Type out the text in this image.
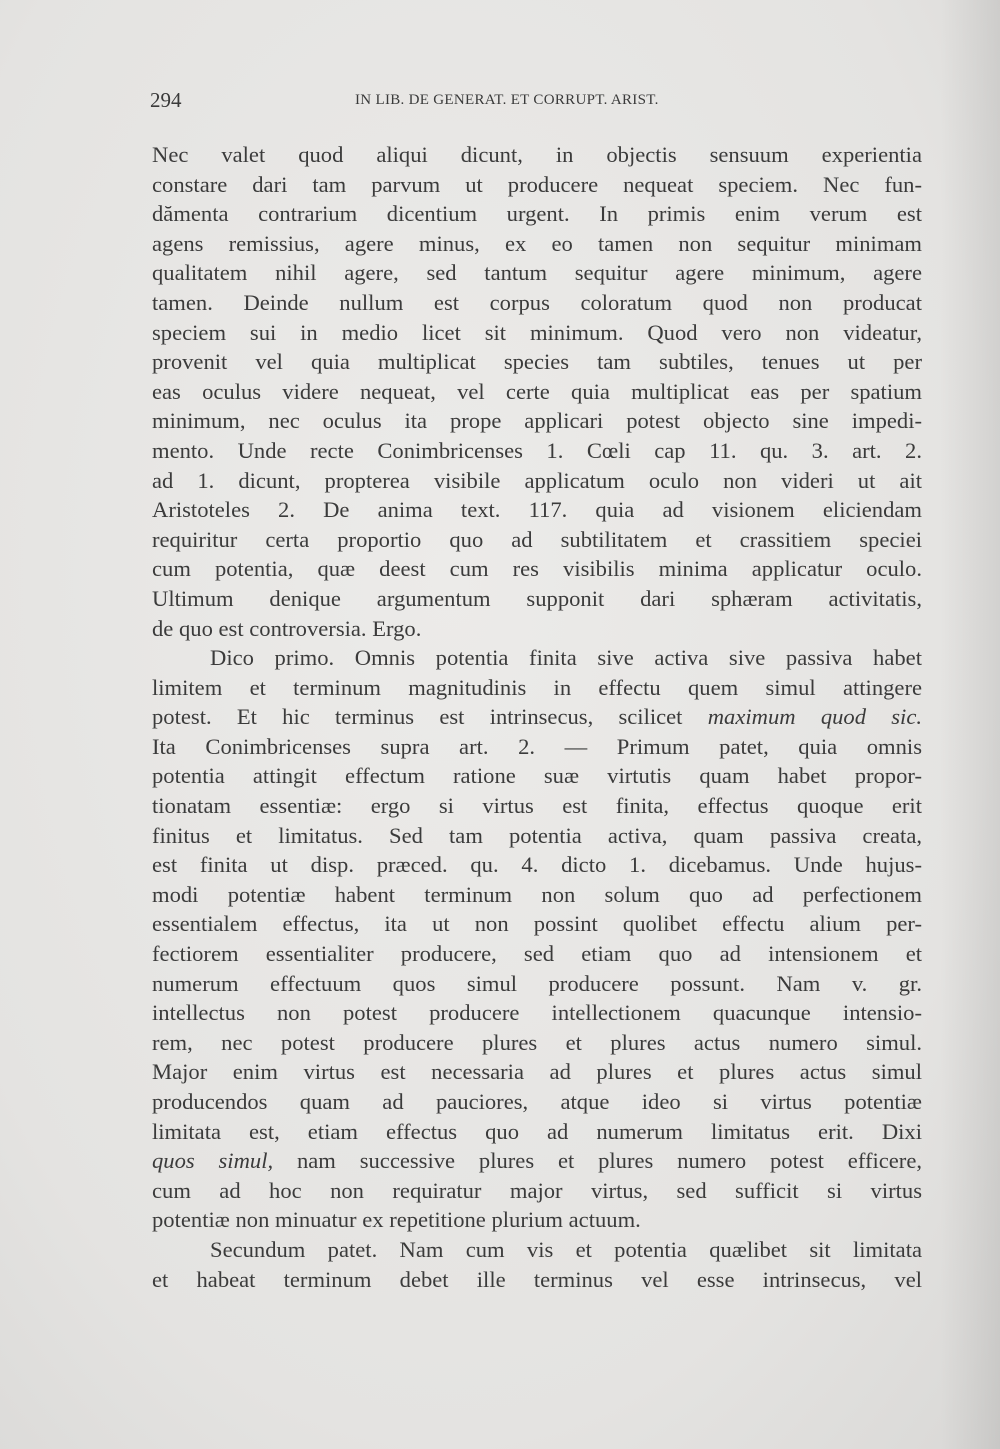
294	IN LIB. DE GENERAT. ET CORRUPT. ARIST.
Nec valet quod aliqui dicunt, in objectis sensuum experientia
constare dari tam parvum ut producere nequeat speciem. Nec fun-
dămenta contrarium dicentium urgent. In primis enim verum est
agens remissius, agere minus, ex eo tamen non sequitur minimam
qualitatem nihil agere, sed tantum sequitur agere minimum, agere
tamen. Deinde nullum est corpus coloratum quod non producat
speciem sui in medio licet sit minimum. Quod vero non videatur,
provenit vel quia multiplicat species tam subtiles, tenues ut per
eas oculus videre nequeat, vel certe quia multiplicat eas per spatium
minimum, nec oculus ita prope applicari potest objecto sine impedi-
mento. Unde recte Conimbricenses 1. Cœli cap 11. qu. 3. art. 2.
ad 1. dicunt, propterea visibile applicatum oculo non videri ut ait
Aristoteles 2. De anima text. 117. quia ad visionem eliciendam
requiritur certa proportio quo ad subtilitatem et crassitiem speciei
cum potentia, quæ deest cum res visibilis minima applicatur oculo.
Ultimum denique argumentum supponit dari sphæram activitatis,
de quo est controversia. Ergo.
Dico primo. Omnis potentia finita sive activa sive passiva habet
limitem et terminum magnitudinis in effectu quem simul attingere
potest. Et hic terminus est intrinsecus, scilicet maximum quod sic.
Ita Conimbricenses supra art. 2. — Primum patet, quia omnis
potentia attingit effectum ratione suæ virtutis quam habet propor-
tionatam essentiæ: ergo si virtus est finita, effectus quoque erit
finitus et limitatus. Sed tam potentia activa, quam passiva creata,
est finita ut disp. præced. qu. 4. dicto 1. dicebamus. Unde hujus-
modi potentiæ habent terminum non solum quo ad perfectionem
essentialem effectus, ita ut non possint quolibet effectu alium per-
fectiorem essentialiter producere, sed etiam quo ad intensionem et
numerum effectuum quos simul producere possunt. Nam v. gr.
intellectus non potest producere intellectionem quacunque intensio-
rem, nec potest producere plures et plures actus numero simul.
Major enim virtus est necessaria ad plures et plures actus simul
producendos quam ad pauciores, atque ideo si virtus potentiæ
limitata est, etiam effectus quo ad numerum limitatus erit. Dixi
quos simul, nam successive plures et plures numero potest efficere,
cum ad hoc non requiratur major virtus, sed sufficit si virtus
potentiæ non minuatur ex repetitione plurium actuum.
Secundum patet. Nam cum vis et potentia quælibet sit limitata
et habeat terminum debet ille terminus vel esse intrinsecus, vel
